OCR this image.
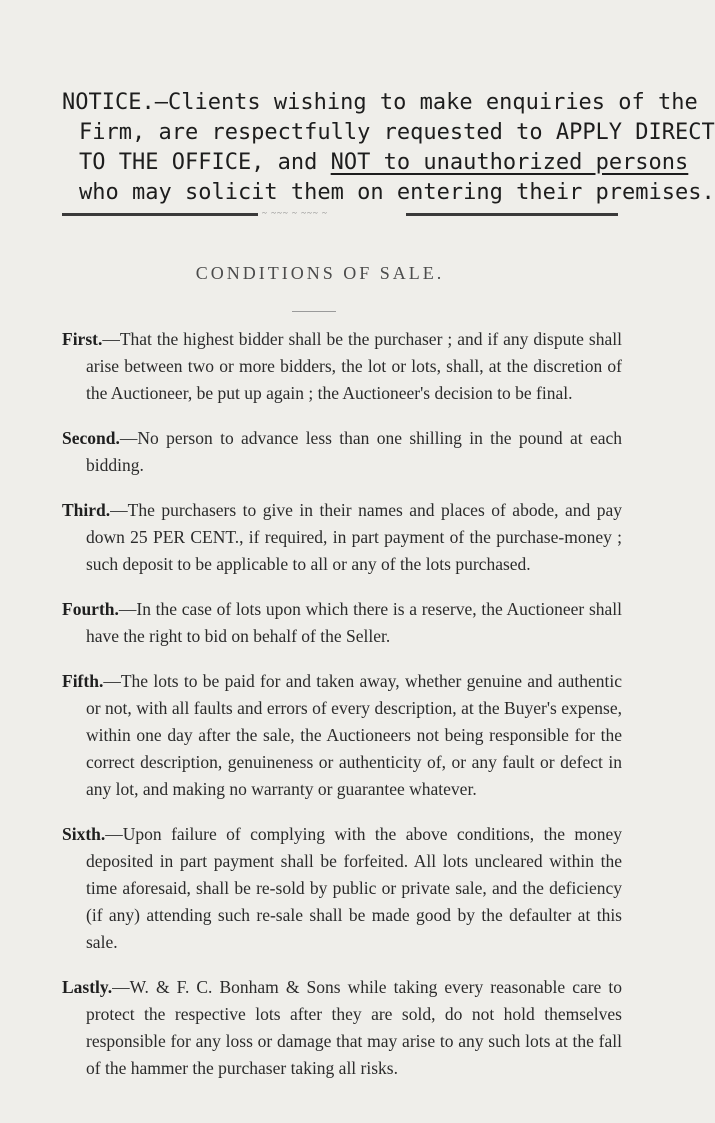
NOTICE.—Clients wishing to make enquiries of the
Firm, are respectfully requested to APPLY DIRECT
TO THE OFFICE, and NOT to unauthorized persons
who may solicit them on entering their premises.
~ ~~~ ~ ~~~ ~
CONDITIONS OF SALE.

First.—That the highest bidder shall be the purchaser ; and if any dispute shall arise between two or more bidders, the lot or lots, shall, at the discretion of the Auctioneer, be put up again ; the Auctioneer's decision to be final.

Second.—No person to advance less than one shilling in the pound at each bidding.

Third.—The purchasers to give in their names and places of abode, and pay down 25 PER CENT., if required, in part payment of the purchase-money ; such deposit to be applicable to all or any of the lots purchased.

Fourth.—In the case of lots upon which there is a reserve, the Auctioneer shall have the right to bid on behalf of the Seller.

Fifth.—The lots to be paid for and taken away, whether genuine and authentic or not, with all faults and errors of every description, at the Buyer's expense, within one day after the sale, the Auctioneers not being responsible for the correct description, genuineness or authenticity of, or any fault or defect in any lot, and making no warranty or guarantee whatever.

Sixth.—Upon failure of complying with the above conditions, the money deposited in part payment shall be forfeited. All lots uncleared within the time aforesaid, shall be re-sold by public or private sale, and the deficiency (if any) attending such re-sale shall be made good by the defaulter at this sale.

Lastly.—W. & F. C. Bonham & Sons while taking every reasonable care to protect the respective lots after they are sold, do not hold themselves responsible for any loss or damage that may arise to any such lots at the fall of the hammer the purchaser taking all risks.
